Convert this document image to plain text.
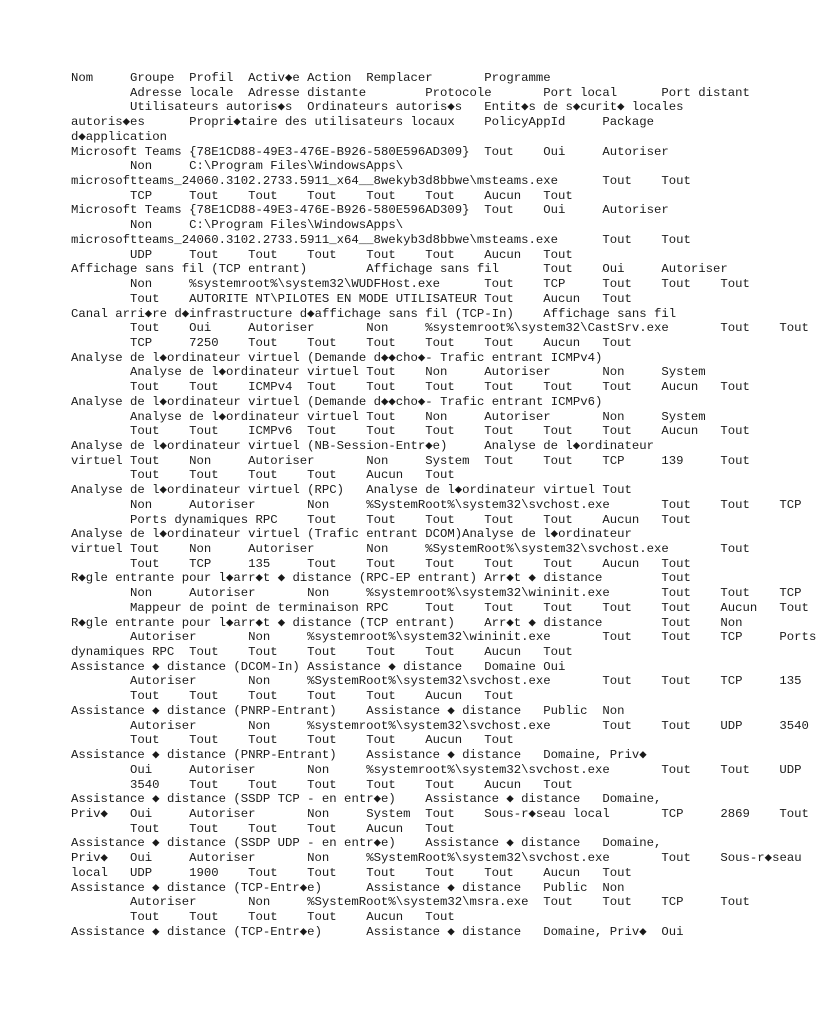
Nom	Groupe	Profil	Activ◆e	Action	Remplacer	Programme
	Adresse locale	Adresse distante	Protocole	Port local	Port distant
	Utilisateurs autoris◆s	Ordinateurs autoris◆s	Entit◆s de s◆curit◆ locales
autoris◆es	Propri◆taire des utilisateurs locaux	PolicyAppId	Package
d◆application
Microsoft Teams	{78E1CD88-49E3-476E-B926-580E596AD309}	Tout	Oui	Autoriser
	Non	C:\Program Files\WindowsApps\
microsoftteams_24060.3102.2733.5911_x64__8wekyb3d8bbwe\msteams.exe	Tout	Tout
	TCP	Tout	Tout	Tout	Tout	Tout	Aucun	Tout
Microsoft Teams	{78E1CD88-49E3-476E-B926-580E596AD309}	Tout	Oui	Autoriser
	Non	C:\Program Files\WindowsApps\
microsoftteams_24060.3102.2733.5911_x64__8wekyb3d8bbwe\msteams.exe	Tout	Tout
	UDP	Tout	Tout	Tout	Tout	Tout	Aucun	Tout
Affichage sans fil (TCP entrant)	Affichage sans fil	Tout	Oui	Autoriser
	Non	%systemroot%\system32\WUDFHost.exe	Tout	TCP	Tout	Tout	Tout
	Tout	AUTORITE NT\PILOTES EN MODE UTILISATEUR	Tout	Aucun	Tout
Canal arri◆re d◆infrastructure d◆affichage sans fil (TCP-In)	Affichage sans fil
	Tout	Oui	Autoriser	Non	%systemroot%\system32\CastSrv.exe	Tout	Tout
	TCP	7250	Tout	Tout	Tout	Tout	Tout	Aucun	Tout
Analyse de l◆ordinateur virtuel (Demande d◆◆cho◆- Trafic entrant ICMPv4)
	Analyse de l◆ordinateur virtuel	Tout	Non	Autoriser	Non	System
	Tout	Tout	ICMPv4	Tout	Tout	Tout	Tout	Tout	Tout	Aucun	Tout
Analyse de l◆ordinateur virtuel (Demande d◆◆cho◆- Trafic entrant ICMPv6)
	Analyse de l◆ordinateur virtuel	Tout	Non	Autoriser	Non	System
	Tout	Tout	ICMPv6	Tout	Tout	Tout	Tout	Tout	Tout	Aucun	Tout
Analyse de l◆ordinateur virtuel (NB-Session-Entr◆e)	Analyse de l◆ordinateur
virtuel	Tout	Non	Autoriser	Non	System	Tout	Tout	TCP	139	Tout
	Tout	Tout	Tout	Tout	Aucun	Tout
Analyse de l◆ordinateur virtuel (RPC)	Analyse de l◆ordinateur virtuel	Tout
	Non	Autoriser	Non	%SystemRoot%\system32\svchost.exe	Tout	Tout	TCP
	Ports dynamiques RPC	Tout	Tout	Tout	Tout	Tout	Aucun	Tout
Analyse de l◆ordinateur virtuel (Trafic entrant DCOM)Analyse de l◆ordinateur
virtuel	Tout	Non	Autoriser	Non	%SystemRoot%\system32\svchost.exe	Tout
	Tout	TCP	135	Tout	Tout	Tout	Tout	Tout	Aucun	Tout
R◆gle entrante pour l◆arr◆t ◆ distance (RPC-EP entrant)	Arr◆t ◆ distance	Tout
	Non	Autoriser	Non	%systemroot%\system32\wininit.exe	Tout	Tout	TCP
	Mappeur de point de terminaison RPC	Tout	Tout	Tout	Tout	Tout	Aucun	Tout
R◆gle entrante pour l◆arr◆t ◆ distance (TCP entrant)	Arr◆t ◆ distance	Tout	Non
	Autoriser	Non	%systemroot%\system32\wininit.exe	Tout	Tout	TCP	Ports
dynamiques RPC	Tout	Tout	Tout	Tout	Tout	Aucun	Tout
Assistance ◆ distance (DCOM-In)	Assistance ◆ distance	Domaine	Oui
	Autoriser	Non	%SystemRoot%\system32\svchost.exe	Tout	Tout	TCP	135
	Tout	Tout	Tout	Tout	Tout	Aucun	Tout
Assistance ◆ distance (PNRP-Entrant)	Assistance ◆ distance	Public	Non
	Autoriser	Non	%systemroot%\system32\svchost.exe	Tout	Tout	UDP	3540
	Tout	Tout	Tout	Tout	Tout	Aucun	Tout
Assistance ◆ distance (PNRP-Entrant)	Assistance ◆ distance	Domaine, Priv◆
	Oui	Autoriser	Non	%systemroot%\system32\svchost.exe	Tout	Tout	UDP
	3540	Tout	Tout	Tout	Tout	Tout	Aucun	Tout
Assistance ◆ distance (SSDP TCP - en entr◆e)	Assistance ◆ distance	Domaine,
Priv◆	Oui	Autoriser	Non	System	Tout	Sous-r◆seau local	TCP	2869	Tout
	Tout	Tout	Tout	Tout	Aucun	Tout
Assistance ◆ distance (SSDP UDP - en entr◆e)	Assistance ◆ distance	Domaine,
Priv◆	Oui	Autoriser	Non	%SystemRoot%\system32\svchost.exe	Tout	Sous-r◆seau
local	UDP	1900	Tout	Tout	Tout	Tout	Tout	Aucun	Tout
Assistance ◆ distance (TCP-Entr◆e)	Assistance ◆ distance	Public	Non
	Autoriser	Non	%SystemRoot%\system32\msra.exe	Tout	Tout	TCP	Tout
	Tout	Tout	Tout	Tout	Aucun	Tout
Assistance ◆ distance (TCP-Entr◆e)	Assistance ◆ distance	Domaine, Priv◆	Oui
